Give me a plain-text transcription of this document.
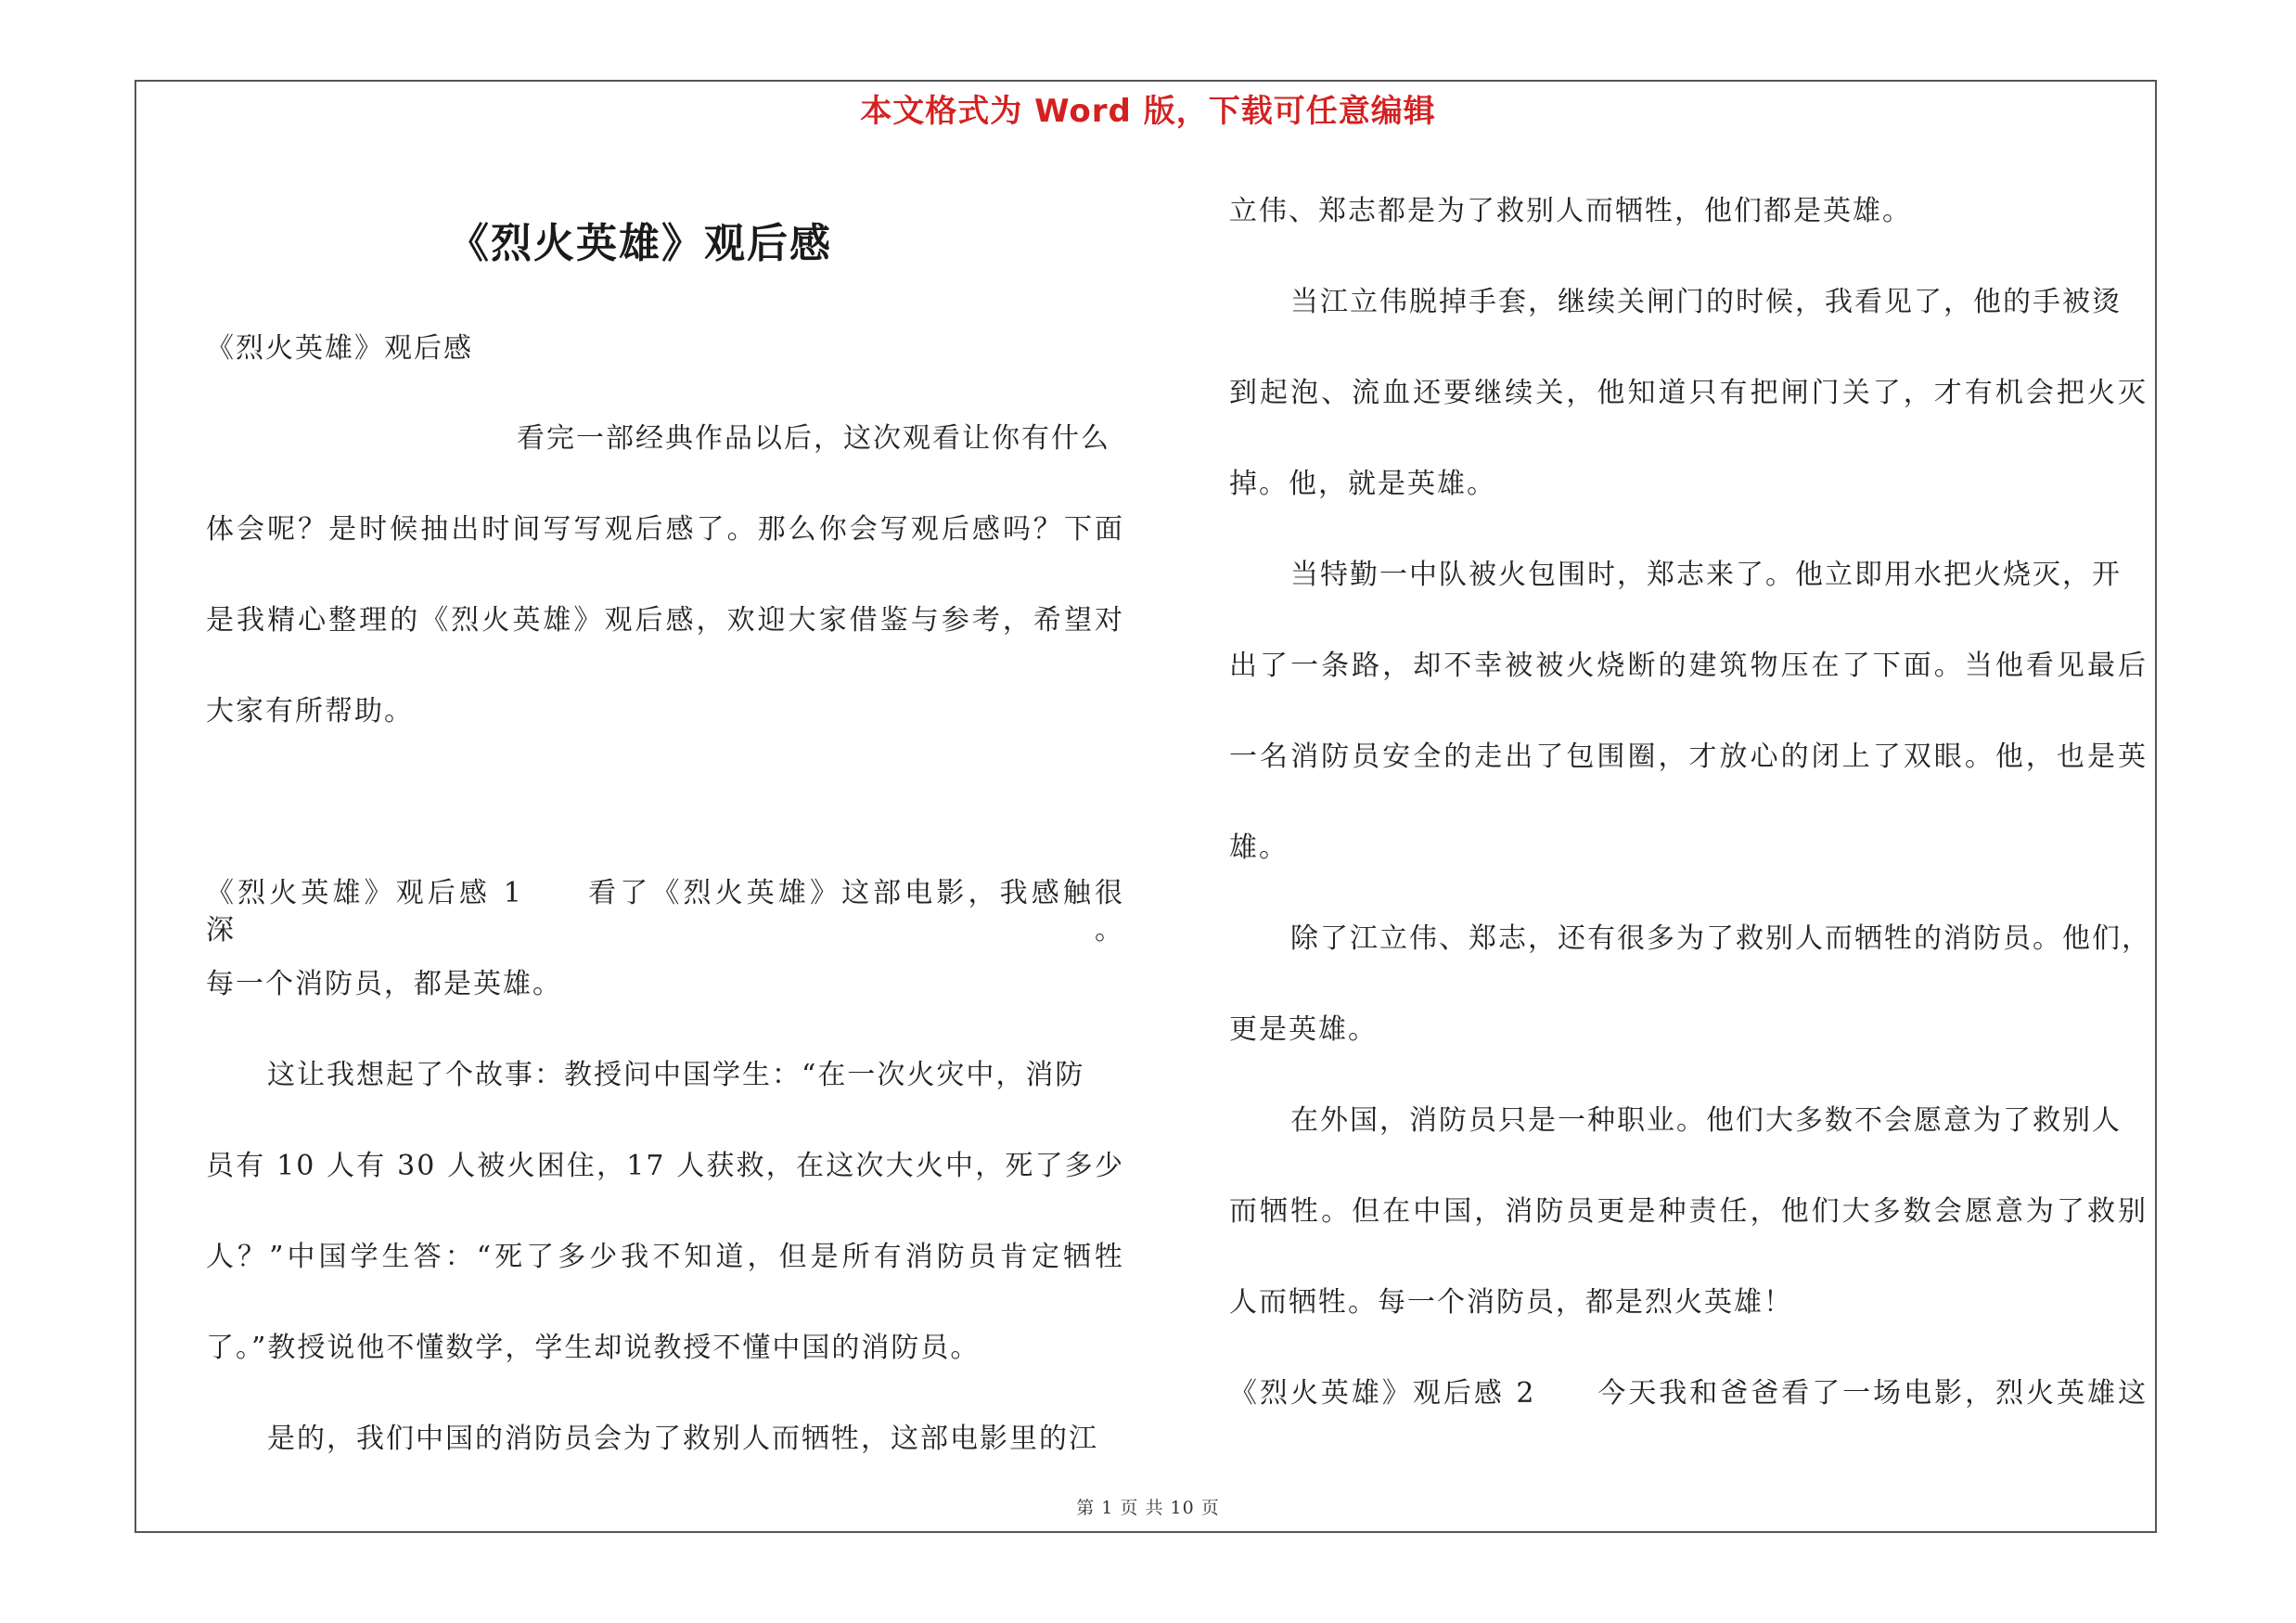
本文格式为 Word 版，下载可任意编辑
《烈火英雄》观后感
《烈火英雄》观后感
看完一部经典作品以后，这次观看让你有什么
体会呢？是时候抽出时间写写观后感了。那么你会写观后感吗？下面
是我精心整理的《烈火英雄》观后感，欢迎大家借鉴与参考，希望对
大家有所帮助。
《烈火英雄》观后感 1　　看了《烈火英雄》这部电影，我感触很深。
每一个消防员，都是英雄。
这让我想起了个故事：教授问中国学生：“在一次火灾中，消防
员有 10 人有 30 人被火困住，17 人获救，在这次大火中，死了多少
人？”中国学生答：“死了多少我不知道，但是所有消防员肯定牺牲
了。”教授说他不懂数学，学生却说教授不懂中国的消防员。
是的，我们中国的消防员会为了救别人而牺牲，这部电影里的江
立伟、郑志都是为了救别人而牺牲，他们都是英雄。
当江立伟脱掉手套，继续关闸门的时候，我看见了，他的手被烫
到起泡、流血还要继续关，他知道只有把闸门关了，才有机会把火灭
掉。他，就是英雄。
当特勤一中队被火包围时，郑志来了。他立即用水把火烧灭，开
出了一条路，却不幸被被火烧断的建筑物压在了下面。当他看见最后
一名消防员安全的走出了包围圈，才放心的闭上了双眼。他，也是英
雄。
除了江立伟、郑志，还有很多为了救别人而牺牲的消防员。他们，
更是英雄。
在外国，消防员只是一种职业。他们大多数不会愿意为了救别人
而牺牲。但在中国，消防员更是种责任，他们大多数会愿意为了救别
人而牺牲。每一个消防员，都是烈火英雄！
《烈火英雄》观后感 2　　今天我和爸爸看了一场电影，烈火英雄这
第 1 页 共 10 页
